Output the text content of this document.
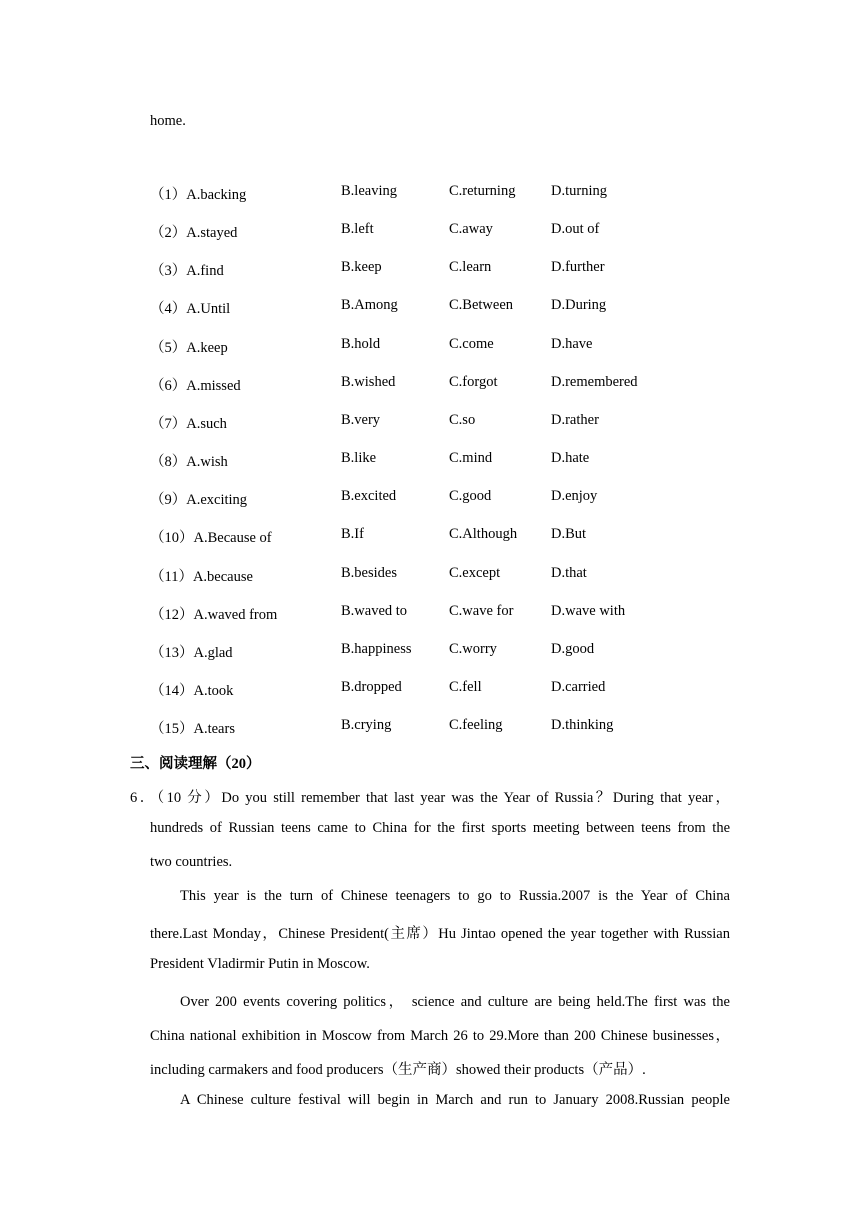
home.
（1）A.backing	B.leaving	C.returning D.turning
（2）A.stayed	B.left	C.away	D.out of
（3）A.find	B.keep	C.learn	D.further
（4）A.Until	B.Among	C.Between	D.During
（5）A.keep	B.hold	C.come	D.have
（6）A.missed	B.wished	C.forgot	D.remembered
（7）A.such	B.very	C.so	D.rather
（8）A.wish	B.like	C.mind	D.hate
（9）A.exciting	B.excited	C.good	D.enjoy
（10）A.Because of	B.If	C.Although D.But
（11）A.because	B.besides	C.except	D.that
（12）A.waved from	B.waved to	C.wave for	D.wave with
（13）A.glad	B.happiness	C.worry	D.good
（14）A.took	B.dropped	C.fell	D.carried
（15）A.tears	B.crying	C.feeling	D.thinking
三、阅读理解（20）
6．（10 分）Do you still remember that last year was the Year of Russia？During that year，
hundreds of Russian teens came to China for the first sports meeting between teens from the
two countries.
This year is the turn of Chinese teenagers to go to Russia.2007 is the Year of China
there.Last Monday，Chinese President(主席）Hu Jintao opened the year together with Russian
President Vladirmir Putin in Moscow.
Over 200 events covering politics， science and culture are being held.The first was the
China national exhibition in Moscow from March 26 to 29.More than 200 Chinese businesses，
including carmakers and food producers（生产商）showed their products（产品）.
A Chinese culture festival will begin in March and run to January 2008.Russian people
